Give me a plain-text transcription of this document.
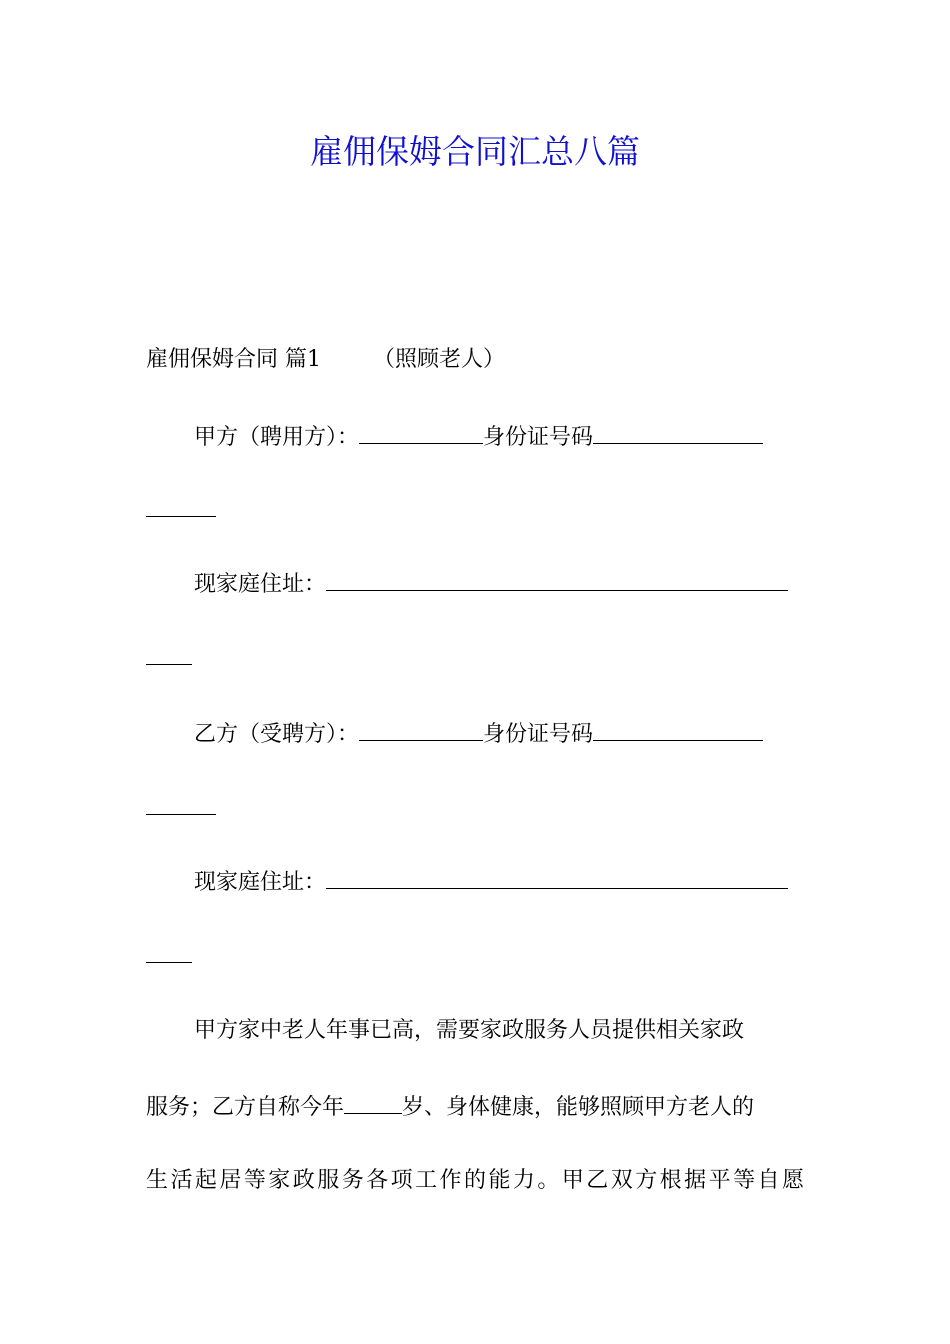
雇佣保姆合同汇总八篇
雇佣保姆合同 篇1 （照顾老人）
甲方（聘用方）：	身份证号码
现家庭住址：
乙方（受聘方）：	身份证号码
现家庭住址：
甲方家中老人年事已高，需要家政服务人员提供相关家政
服务；乙方自称今年	岁、身体健康，能够照顾甲方老人的
生活起居等家政服务各项工作的能力。甲乙双方根据平等自愿
